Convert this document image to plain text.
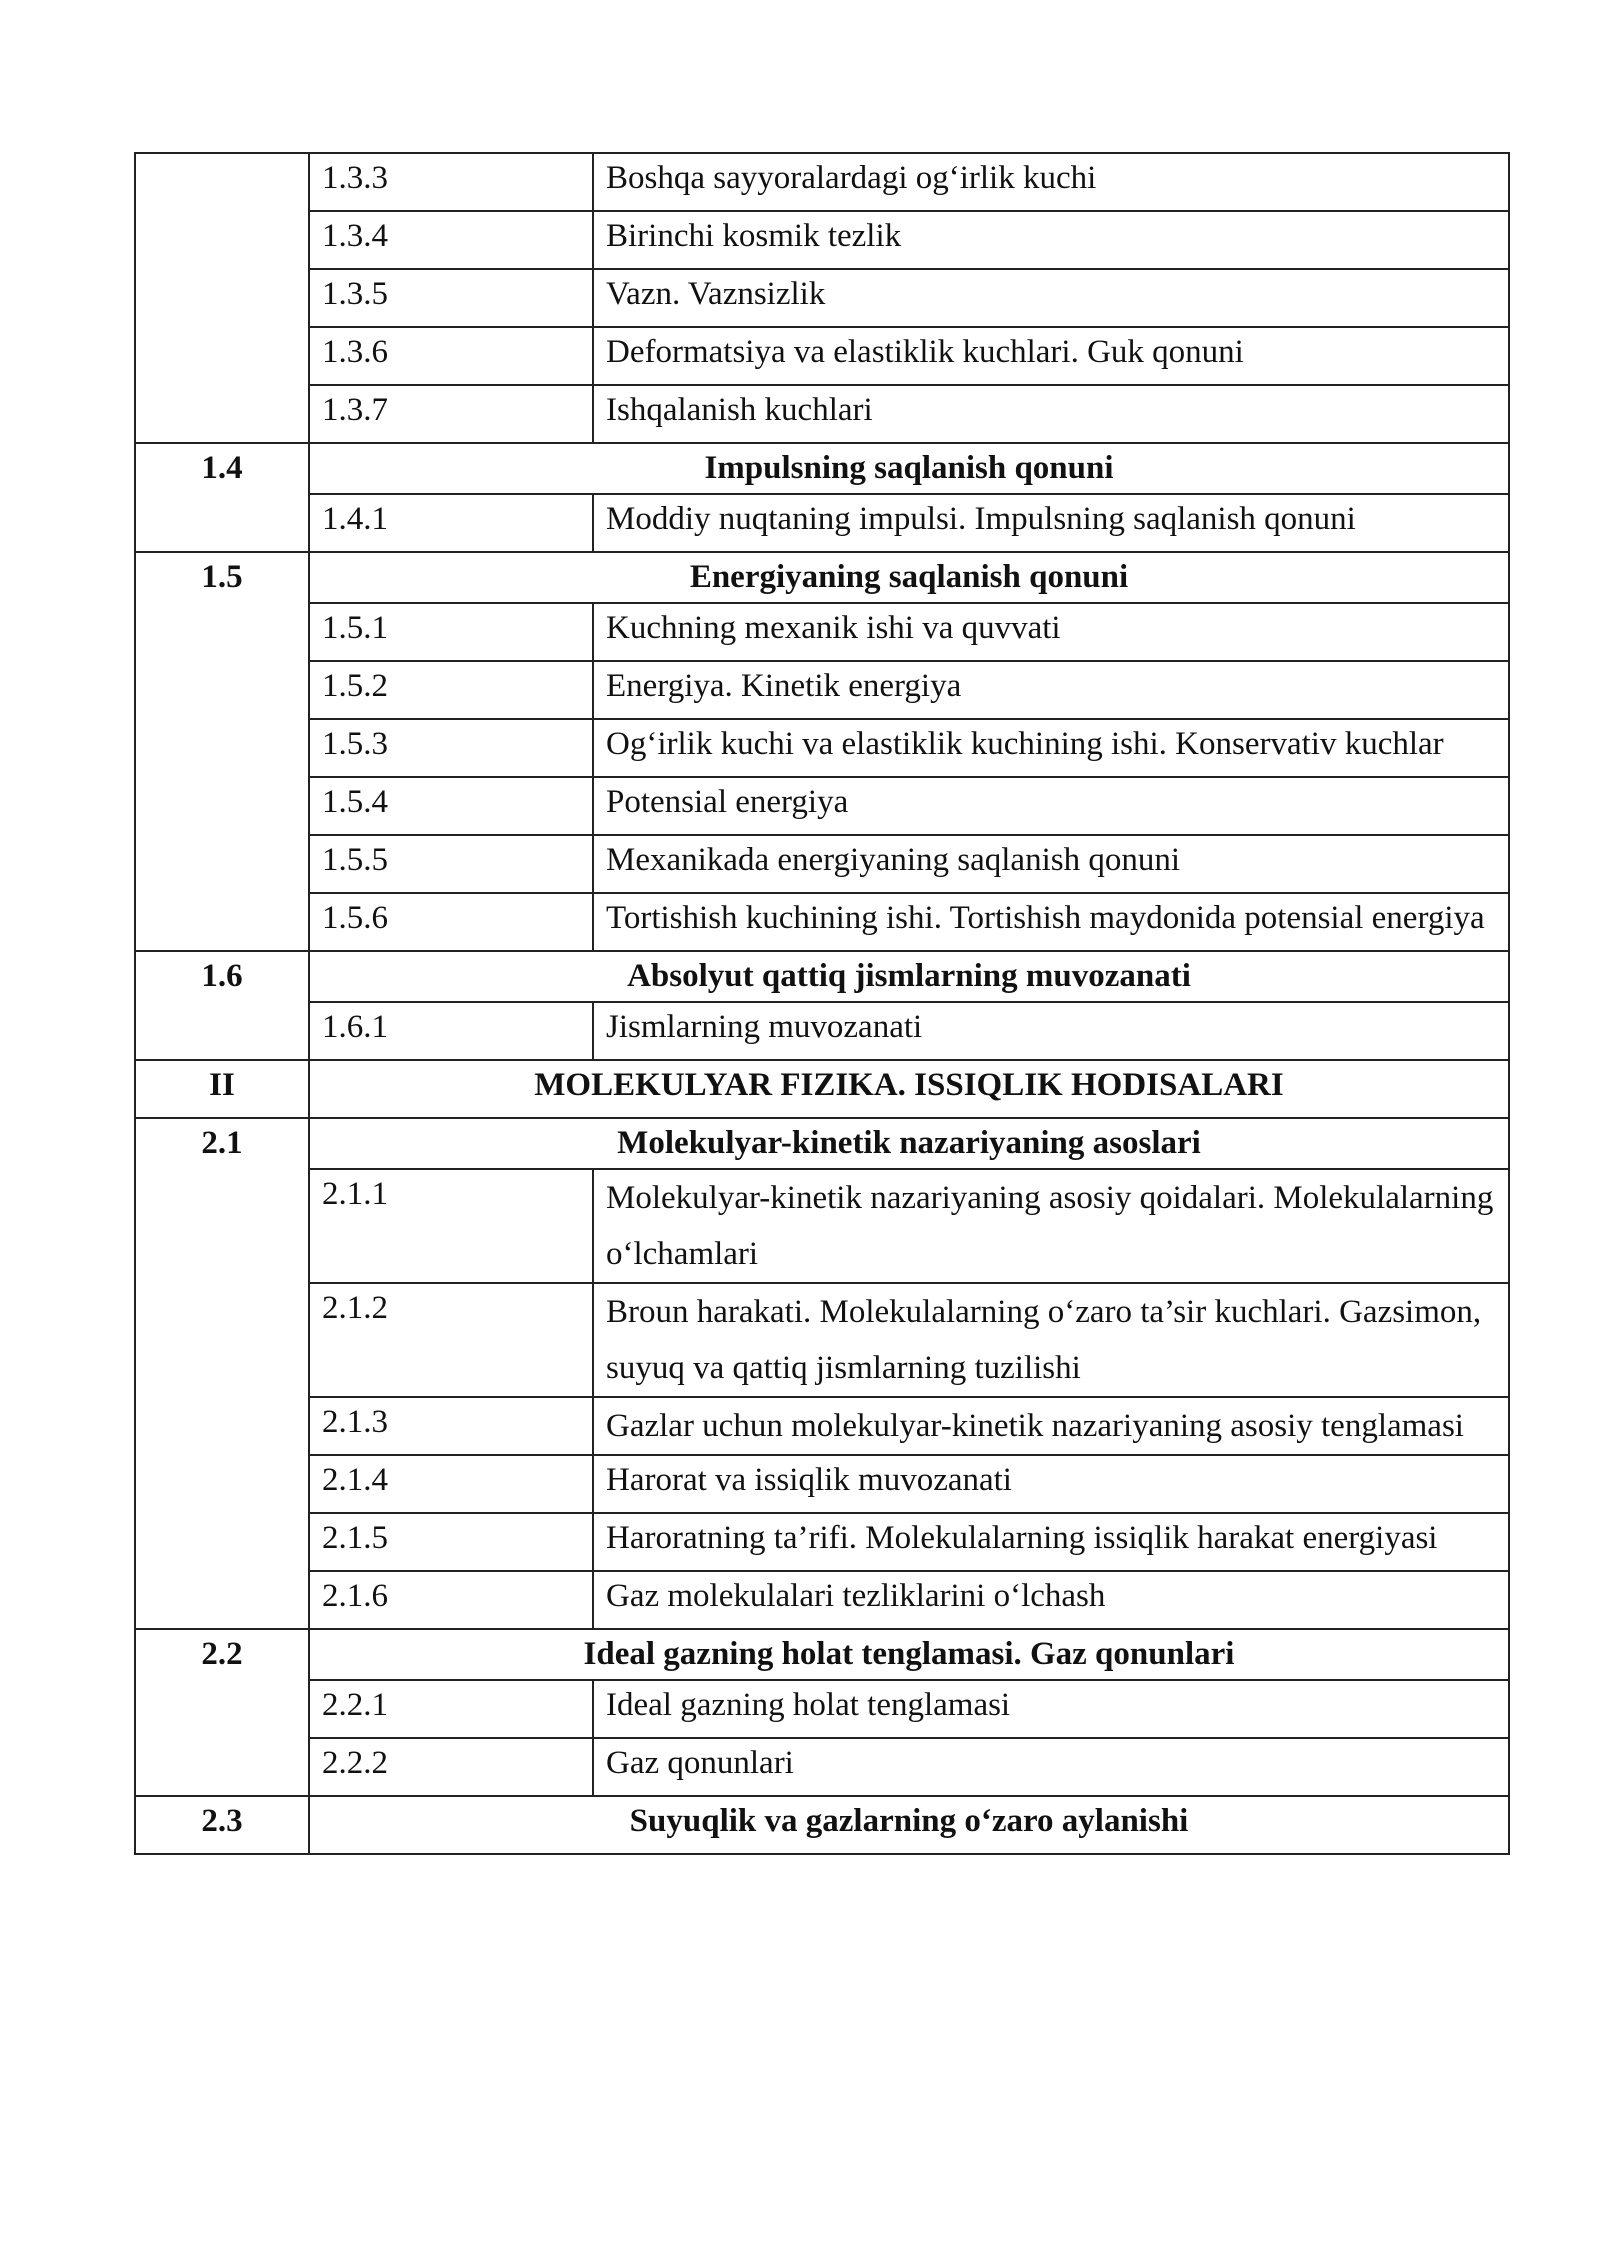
	1.3.3	Boshqa sayyoralardagi og‘irlik kuchi
	1.3.4	Birinchi kosmik tezlik
	1.3.5	Vazn. Vaznsizlik
	1.3.6	Deformatsiya va elastiklik kuchlari. Guk qonuni
	1.3.7	Ishqalanish kuchlari
1.4	Impulsning saqlanish qonuni	
	1.4.1	Moddiy nuqtaning impulsi. Impulsning saqlanish qonuni
1.5	Energiyaning saqlanish qonuni	
	1.5.1	Kuchning mexanik ishi va quvvati
	1.5.2	Energiya. Kinetik energiya
	1.5.3	Og‘irlik kuchi va elastiklik kuchining ishi. Konservativ kuchlar
	1.5.4	Potensial energiya
	1.5.5	Mexanikada energiyaning saqlanish qonuni
	1.5.6	Tortishish kuchining ishi. Tortishish maydonida potensial energiya
1.6	Absolyut qattiq jismlarning muvozanati	
	1.6.1	Jismlarning muvozanati
II	MOLEKULYAR FIZIKA. ISSIQLIK HODISALARI	
2.1	Molekulyar-kinetik nazariyaning asoslari	
	2.1.1	Molekulyar-kinetik nazariyaning asosiy qoidalari. Molekulalarning o‘lchamlari
	2.1.2	Broun harakati. Molekulalarning o‘zaro ta’sir kuchlari. Gazsimon, suyuq va qattiq jismlarning tuzilishi
	2.1.3	Gazlar uchun molekulyar-kinetik nazariyaning asosiy tenglamasi
	2.1.4	Harorat va issiqlik muvozanati
	2.1.5	Haroratning ta’rifi. Molekulalarning issiqlik harakat energiyasi
	2.1.6	Gaz molekulalari tezliklarini o‘lchash
2.2	Ideal gazning holat tenglamasi. Gaz qonunlari	
	2.2.1	Ideal gazning holat tenglamasi
	2.2.2	Gaz qonunlari
2.3	Suyuqlik va gazlarning o‘zaro aylanishi	
